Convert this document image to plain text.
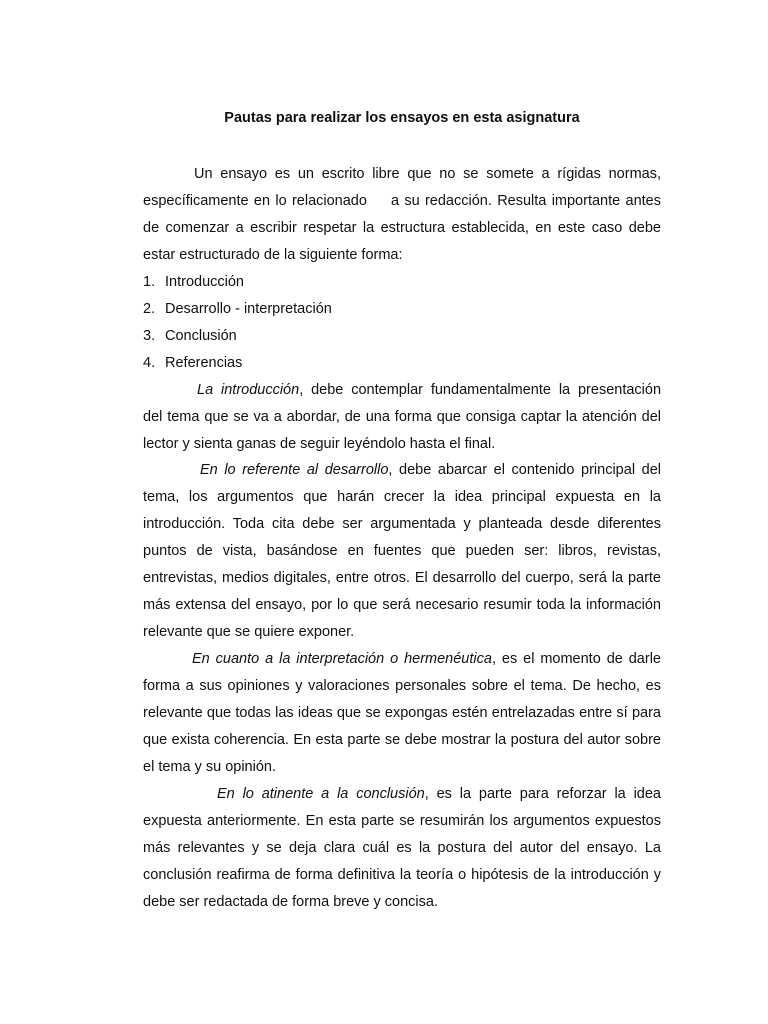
Pautas para realizar los ensayos en esta asignatura

Un ensayo es un escrito libre que no se somete a rígidas normas, específicamente en lo relacionado a su redacción. Resulta importante antes de comenzar a escribir respetar la estructura establecida, en este caso debe estar estructurado de la siguiente forma:

1. Introducción
2. Desarrollo - interpretación
3. Conclusión
4. Referencias

La introducción, debe contemplar fundamentalmente la presentación del tema que se va a abordar, de una forma que consiga captar la atención del lector y sienta ganas de seguir leyéndolo hasta el final.

En lo referente al desarrollo, debe abarcar el contenido principal del tema, los argumentos que harán crecer la idea principal expuesta en la introducción. Toda cita debe ser argumentada y planteada desde diferentes puntos de vista, basándose en fuentes que pueden ser: libros, revistas, entrevistas, medios digitales, entre otros. El desarrollo del cuerpo, será la parte más extensa del ensayo, por lo que será necesario resumir toda la información relevante que se quiere exponer.

En cuanto a la interpretación o hermenéutica, es el momento de darle forma a sus opiniones y valoraciones personales sobre el tema. De hecho, es relevante que todas las ideas que se expongas estén entrelazadas entre sí para que exista coherencia. En esta parte se debe mostrar la postura del autor sobre el tema y su opinión.

En lo atinente a la conclusión, es la parte para reforzar la idea expuesta anteriormente. En esta parte se resumirán los argumentos expuestos más relevantes y se deja clara cuál es la postura del autor del ensayo. La conclusión reafirma de forma definitiva la teoría o hipótesis de la introducción y debe ser redactada de forma breve y concisa.
